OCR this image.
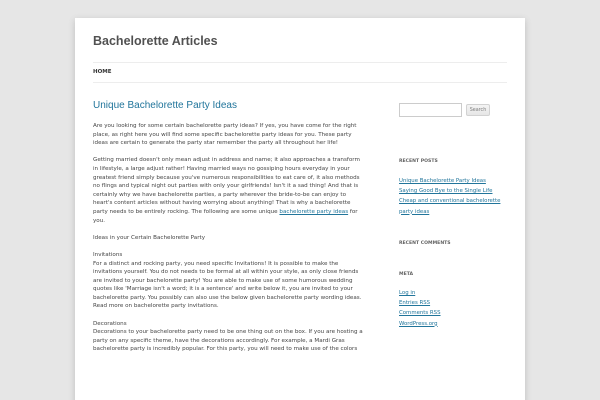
Bachelorette Articles
HOME
Unique Bachelorette Party Ideas

Are you looking for some certain bachelorette party ideas? If yes, you have come for the right place, as right here you will find some specific bachelorette party ideas for you. These party ideas are certain to generate the party star remember the party all throughout her life!

Getting married doesn't only mean adjust in address and name; it also approaches a transform in lifestyle, a large adjust rather! Having married ways no gossiping hours everyday in your greatest friend simply because you've numerous responsibilities to eat care of, it also methods no flings and typical night out parties with only your girlfriends! Isn't it a sad thing! And that is certainly why we have bachelorette parties, a party wherever the bride-to-be can enjoy to heart's content articles without having worrying about anything! That is why a bachelorette party needs to be entirely rocking. The following are some unique bachelorette party ideas for you.

Ideas in your Certain Bachelorette Party

Invitations
For a distinct and rocking party, you need specific Invitations! It is possible to make the invitations yourself. You do not needs to be formal at all within your style, as only close friends are invited to your bachelorette party! You are able to make use of some humorous wedding quotes like 'Marriage isn't a word; it is a sentence' and write below it, you are invited to your bachelorette party. You possibly can also use the below given bachelorette party wording ideas. Read more on bachelorette party invitations.

Decorations
Decorations to your bachelorette party need to be one thing out on the box. If you are hosting a party on any specific theme, have the decorations accordingly. For example, a Mardi Gras bachelorette party is incredibly popular. For this party, you will need to make use of the colors

Search
RECENT POSTS
Unique Bachelorette Party Ideas
Saying Good Bye to the Single Life
Cheap and conventional bachelorette party ideas
RECENT COMMENTS
META
Log in
Entries RSS
Comments RSS
WordPress.org
